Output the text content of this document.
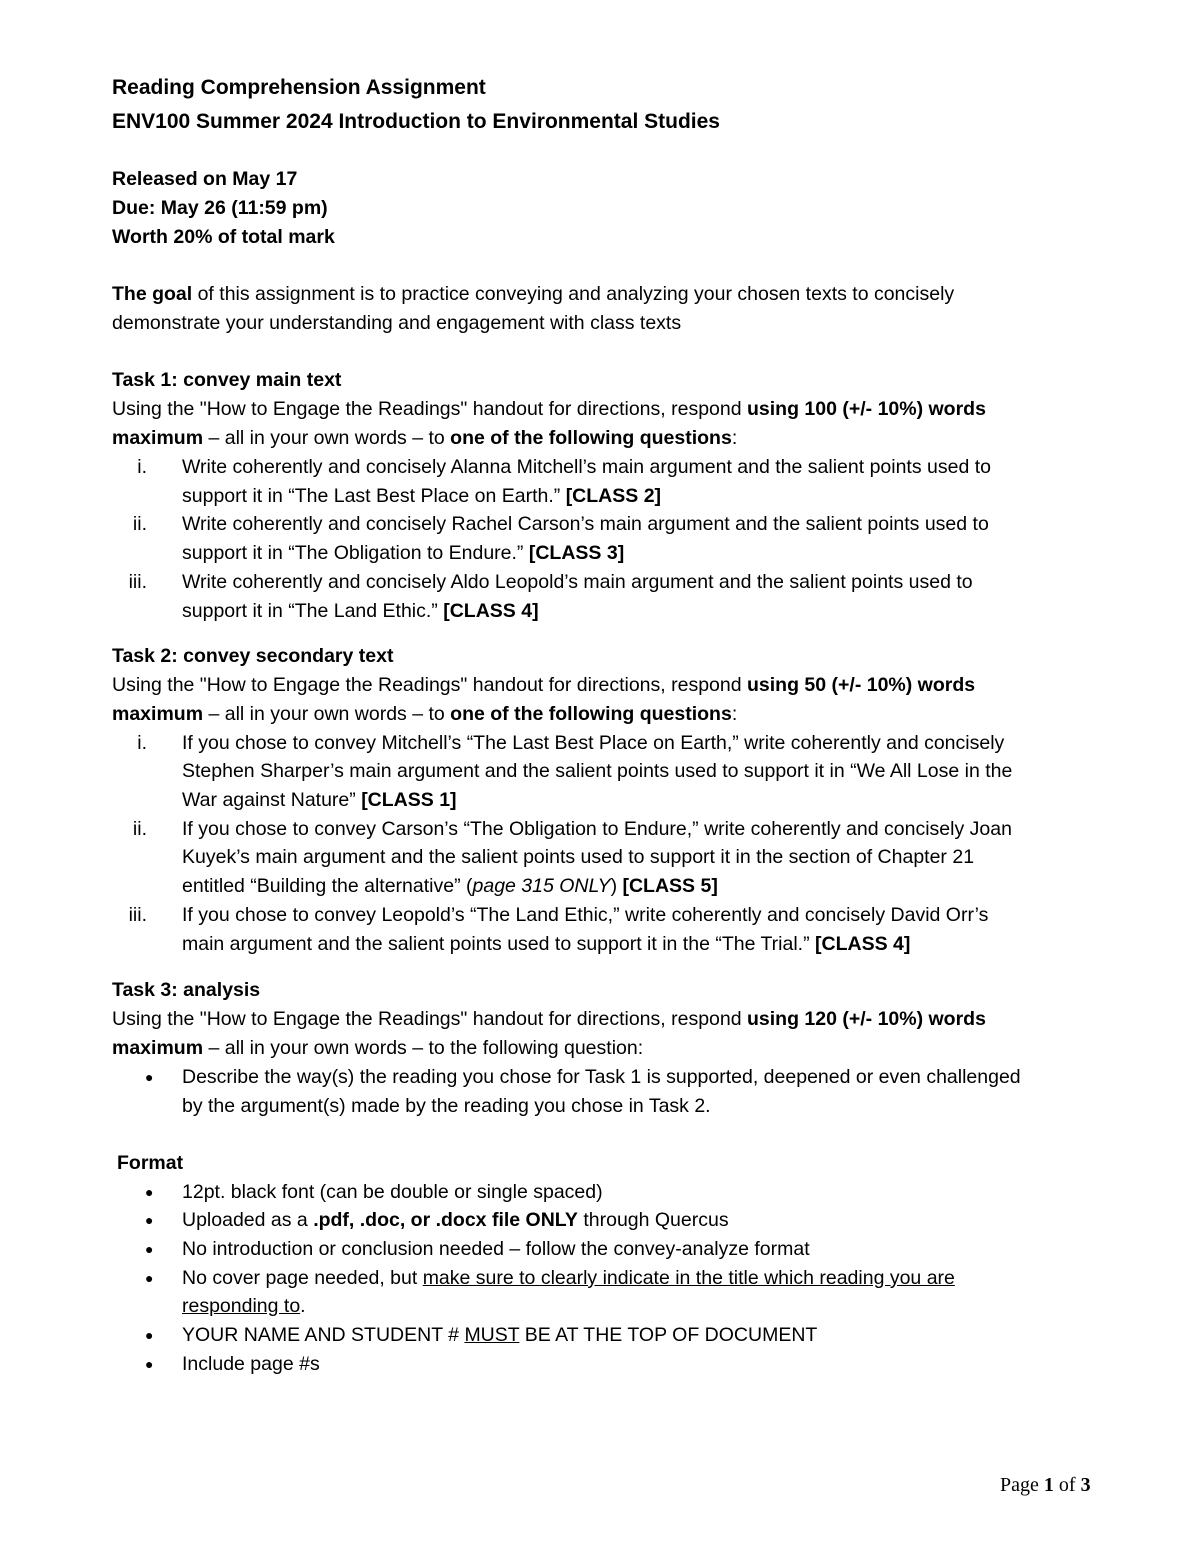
Reading Comprehension Assignment
ENV100 Summer 2024 Introduction to Environmental Studies
Released on May 17
Due: May 26 (11:59 pm)
Worth 20% of total mark
The goal of this assignment is to practice conveying and analyzing your chosen texts to concisely
demonstrate your understanding and engagement with class texts
Task 1: convey main text
Using the "How to Engage the Readings" handout for directions, respond using 100 (+/- 10%) words
maximum – all in your own words – to one of the following questions:
i. Write coherently and concisely Alanna Mitchell’s main argument and the salient points used to
support it in “The Last Best Place on Earth.” [CLASS 2]
ii. Write coherently and concisely Rachel Carson’s main argument and the salient points used to
support it in “The Obligation to Endure.” [CLASS 3]
iii. Write coherently and concisely Aldo Leopold’s main argument and the salient points used to
support it in “The Land Ethic.” [CLASS 4]
Task 2: convey secondary text
Using the "How to Engage the Readings" handout for directions, respond using 50 (+/- 10%) words
maximum – all in your own words – to one of the following questions:
i. If you chose to convey Mitchell’s “The Last Best Place on Earth,” write coherently and concisely
Stephen Sharper’s main argument and the salient points used to support it in “We All Lose in the
War against Nature” [CLASS 1]
ii. If you chose to convey Carson’s “The Obligation to Endure,” write coherently and concisely Joan
Kuyek’s main argument and the salient points used to support it in the section of Chapter 21
entitled “Building the alternative” (page 315 ONLY) [CLASS 5]
iii. If you chose to convey Leopold’s “The Land Ethic,” write coherently and concisely David Orr’s
main argument and the salient points used to support it in the “The Trial.” [CLASS 4]
Task 3: analysis
Using the "How to Engage the Readings" handout for directions, respond using 120 (+/- 10%) words
maximum – all in your own words – to the following question:
● Describe the way(s) the reading you chose for Task 1 is supported, deepened or even challenged
by the argument(s) made by the reading you chose in Task 2.
Format
● 12pt. black font (can be double or single spaced)
● Uploaded as a .pdf, .doc, or .docx file ONLY through Quercus
● No introduction or conclusion needed – follow the convey-analyze format
● No cover page needed, but make sure to clearly indicate in the title which reading you are
responding to.
● YOUR NAME AND STUDENT # MUST BE AT THE TOP OF DOCUMENT
● Include page #s
Page 1 of 3
